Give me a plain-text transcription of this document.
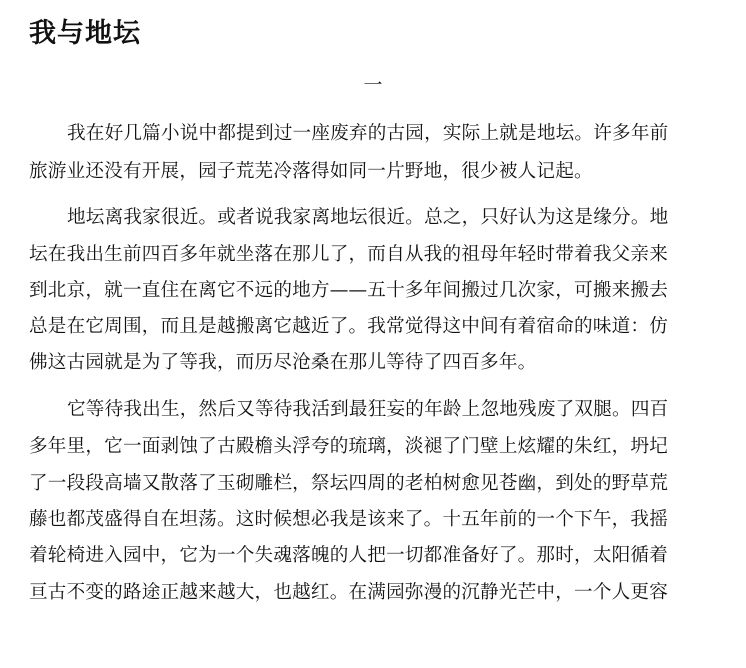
我与地坛
一

我在好几篇小说中都提到过一座废弃的古园，实际上就是地坛。许多年前

旅游业还没有开展，园子荒芜冷落得如同一片野地，很少被人记起。

地坛离我家很近。或者说我家离地坛很近。总之，只好认为这是缘分。地

坛在我出生前四百多年就坐落在那儿了，而自从我的祖母年轻时带着我父亲来

到北京，就一直住在离它不远的地方——五十多年间搬过几次家，可搬来搬去

总是在它周围，而且是越搬离它越近了。我常觉得这中间有着宿命的味道：仿

佛这古园就是为了等我，而历尽沧桑在那儿等待了四百多年。

它等待我出生，然后又等待我活到最狂妄的年龄上忽地残废了双腿。四百

多年里，它一面剥蚀了古殿檐头浮夸的琉璃，淡褪了门壁上炫耀的朱红，坍圮

了一段段高墙又散落了玉砌雕栏，祭坛四周的老柏树愈见苍幽，到处的野草荒

藤也都茂盛得自在坦荡。这时候想必我是该来了。十五年前的一个下午，我摇

着轮椅进入园中，它为一个失魂落魄的人把一切都准备好了。那时，太阳循着

亘古不变的路途正越来越大，也越红。在满园弥漫的沉静光芒中，一个人更容
